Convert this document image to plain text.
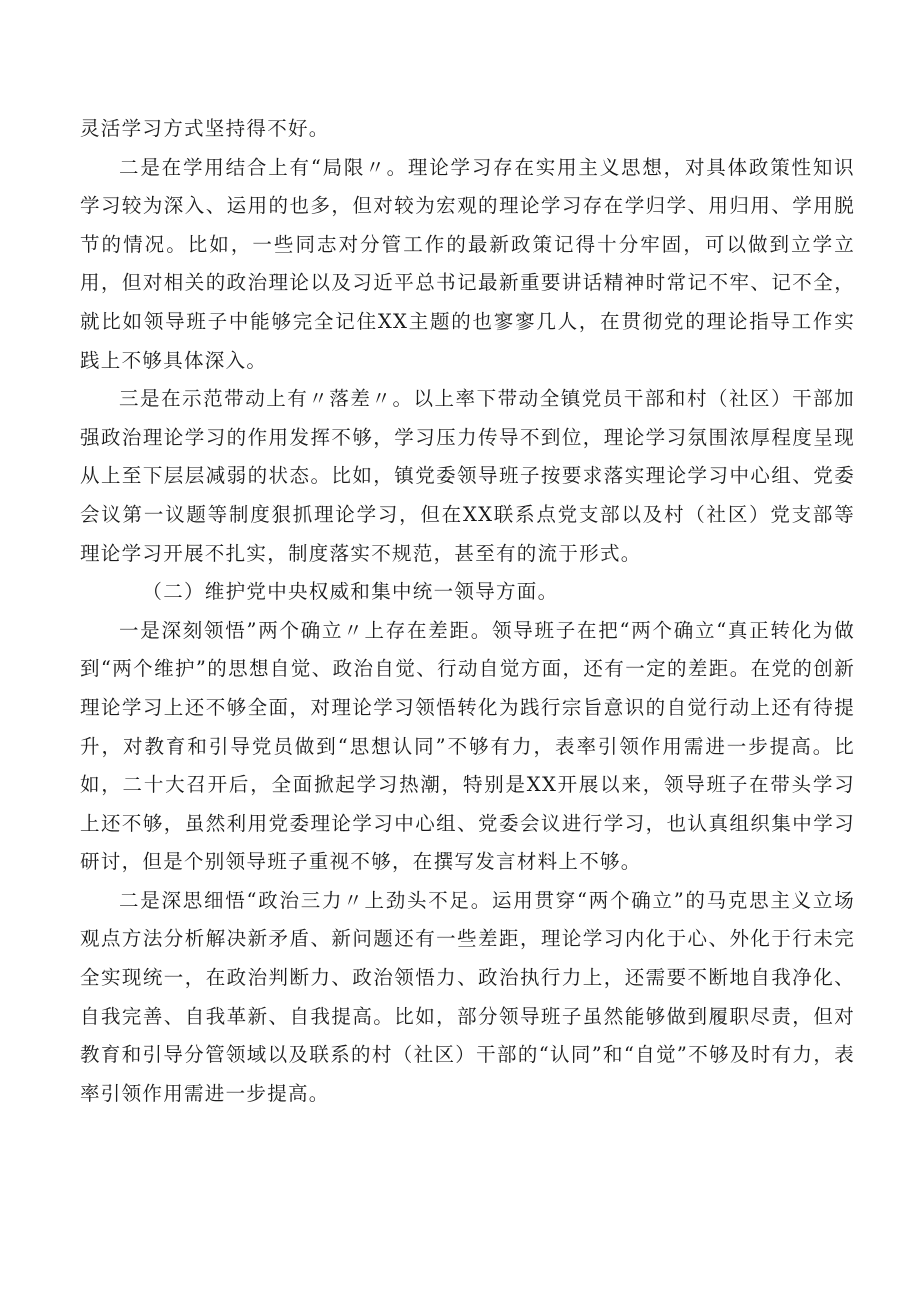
灵活学习方式坚持得不好。

二是在学用结合上有“局限〃。理论学习存在实用主义思想，对具体政策性知识学习较为深入、运用的也多，但对较为宏观的理论学习存在学归学、用归用、学用脱节的情况。比如，一些同志对分管工作的最新政策记得十分牢固，可以做到立学立用，但对相关的政治理论以及习近平总书记最新重要讲话精神时常记不牢、记不全，就比如领导班子中能够完全记住XX主题的也寥寥几人，在贯彻党的理论指导工作实践上不够具体深入。

三是在示范带动上有〃落差〃。以上率下带动全镇党员干部和村（社区）干部加强政治理论学习的作用发挥不够，学习压力传导不到位，理论学习氛围浓厚程度呈现从上至下层层减弱的状态。比如，镇党委领导班子按要求落实理论学习中心组、党委会议第一议题等制度狠抓理论学习，但在XX联系点党支部以及村（社区）党支部等理论学习开展不扎实，制度落实不规范，甚至有的流于形式。

（二）维护党中央权威和集中统一领导方面。

一是深刻领悟”两个确立〃上存在差距。领导班子在把“两个确立“真正转化为做到“两个维护”的思想自觉、政治自觉、行动自觉方面，还有一定的差距。在党的创新理论学习上还不够全面，对理论学习领悟转化为践行宗旨意识的自觉行动上还有待提升，对教育和引导党员做到“思想认同”不够有力，表率引领作用需进一步提高。比如，二十大召开后，全面掀起学习热潮，特别是XX开展以来，领导班子在带头学习上还不够，虽然利用党委理论学习中心组、党委会议进行学习，也认真组织集中学习研讨，但是个别领导班子重视不够，在撰写发言材料上不够。

二是深思细悟“政治三力〃上劲头不足。运用贯穿“两个确立”的马克思主义立场观点方法分析解决新矛盾、新问题还有一些差距，理论学习内化于心、外化于行未完全实现统一，在政治判断力、政治领悟力、政治执行力上，还需要不断地自我净化、自我完善、自我革新、自我提高。比如，部分领导班子虽然能够做到履职尽责，但对教育和引导分管领域以及联系的村（社区）干部的“认同”和“自觉”不够及时有力，表率引领作用需进一步提高。
